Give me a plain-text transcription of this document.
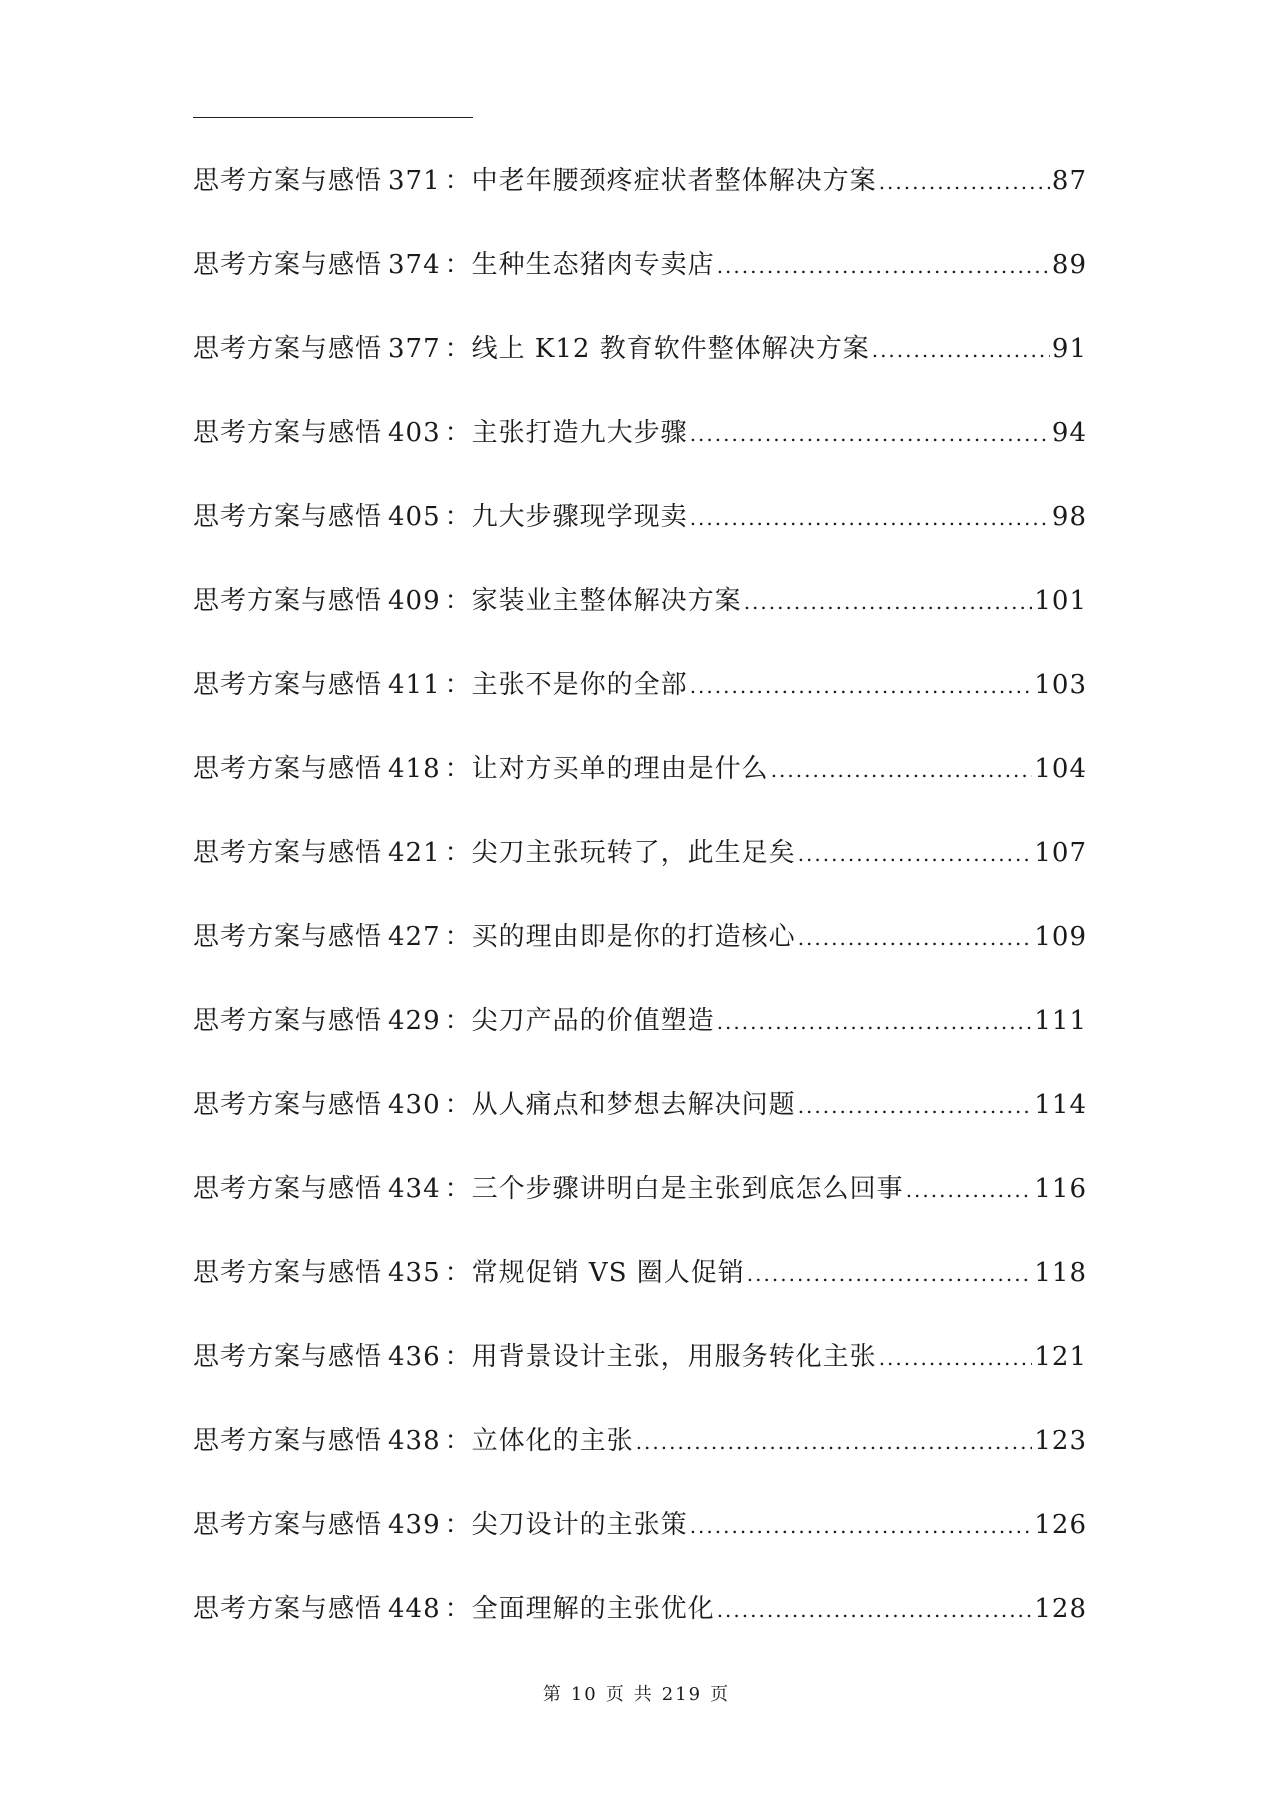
思考方案与感悟 371 ：中老年腰颈疼症状者整体解决方案 .....	87
思考方案与感悟 374 ：生种生态猪肉专卖店 .....	89
思考方案与感悟 377 ：线上 K12 教育软件整体解决方案 .....	91
思考方案与感悟 403 ：主张打造九大步骤 .....	94
思考方案与感悟 405 ：九大步骤现学现卖 .....	98
思考方案与感悟 409 ：家装业主整体解决方案 .....	101
思考方案与感悟 411 ：主张不是你的全部 .....	103
思考方案与感悟 418 ：让对方买单的理由是什么 .....	104
思考方案与感悟 421 ：尖刀主张玩转了，此生足矣 .....	107
思考方案与感悟 427 ：买的理由即是你的打造核心 .....	109
思考方案与感悟 429 ：尖刀产品的价值塑造 .....	111
思考方案与感悟 430 ：从人痛点和梦想去解决问题 .....	114
思考方案与感悟 434 ：三个步骤讲明白是主张到底怎么回事 .....	116
思考方案与感悟 435 ：常规促销 VS 圈人促销 .....	118
思考方案与感悟 436 ：用背景设计主张，用服务转化主张 .....	121
思考方案与感悟 438 ：立体化的主张 .....	123
思考方案与感悟 439 ：尖刀设计的主张策 .....	126
思考方案与感悟 448 ：全面理解的主张优化 .....	128
第 10 页 共 219 页
